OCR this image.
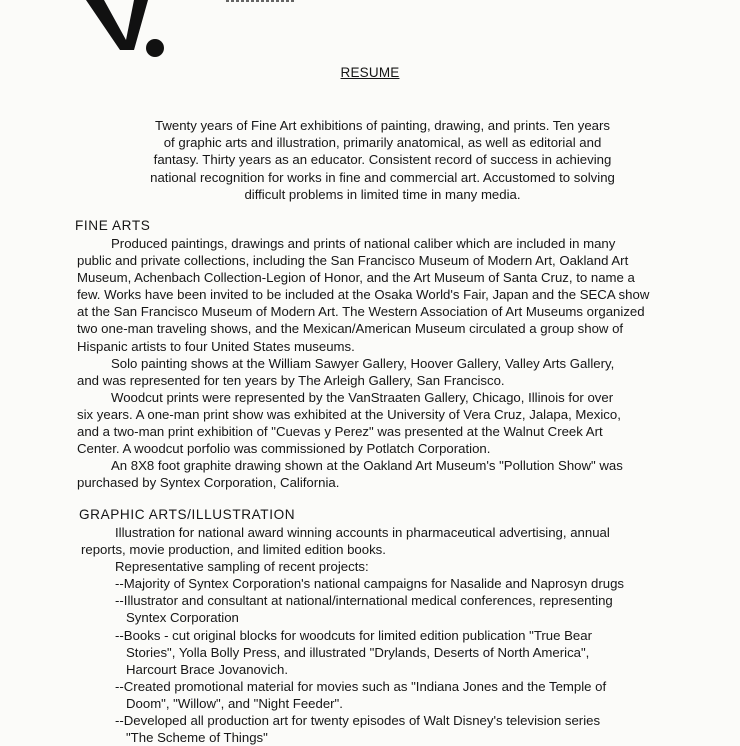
RESUME
Twenty years of Fine Art exhibitions of painting, drawing, and prints. Ten years
of graphic arts and illustration, primarily anatomical, as well as editorial and
fantasy. Thirty years as an educator. Consistent record of success in achieving
national recognition for works in fine and commercial art. Accustomed to solving
difficult problems in limited time in many media.
FINE ARTS
Produced paintings, drawings and prints of national caliber which are included in many
public and private collections, including the San Francisco Museum of Modern Art, Oakland Art
Museum, Achenbach Collection-Legion of Honor, and the Art Museum of Santa Cruz, to name a
few. Works have been invited to be included at the Osaka World's Fair, Japan and the SECA show
at the San Francisco Museum of Modern Art. The Western Association of Art Museums organized
two one-man traveling shows, and the Mexican/American Museum circulated a group show of
Hispanic artists to four United States museums.
Solo painting shows at the William Sawyer Gallery, Hoover Gallery, Valley Arts Gallery,
and was represented for ten years by The Arleigh Gallery, San Francisco.
Woodcut prints were represented by the VanStraaten Gallery, Chicago, Illinois for over
six years. A one-man print show was exhibited at the University of Vera Cruz, Jalapa, Mexico,
and a two-man print exhibition of "Cuevas y Perez" was presented at the Walnut Creek Art
Center. A woodcut porfolio was commissioned by Potlatch Corporation.
An 8X8 foot graphite drawing shown at the Oakland Art Museum's "Pollution Show" was
purchased by Syntex Corporation, California.
GRAPHIC ARTS/ILLUSTRATION
Illustration for national award winning accounts in pharmaceutical advertising, annual
reports, movie production, and limited edition books.
Representative sampling of recent projects:
--Majority of Syntex Corporation's national campaigns for Nasalide and Naprosyn drugs
--Illustrator and consultant at national/international medical conferences, representing
Syntex Corporation
--Books - cut original blocks for woodcuts for limited edition publication "True Bear
Stories", Yolla Bolly Press, and illustrated "Drylands, Deserts of North America",
Harcourt Brace Jovanovich.
--Created promotional material for movies such as "Indiana Jones and the Temple of
Doom", "Willow", and "Night Feeder".
--Developed all production art for twenty episodes of Walt Disney's television series
"The Scheme of Things"
